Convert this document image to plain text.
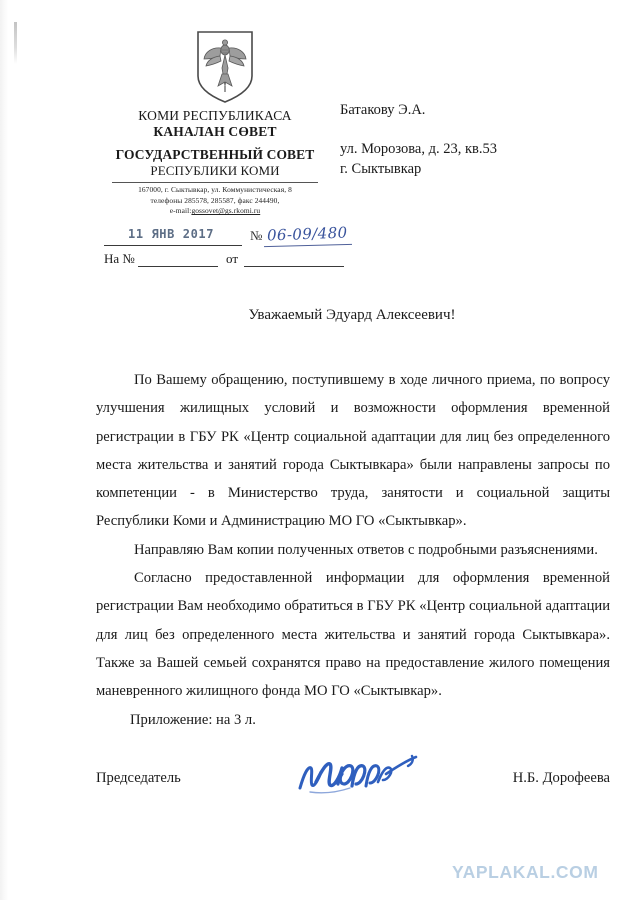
КОМИ РЕСПУБЛИКАСА
КАНАЛАН СӨВЕТ
ГОСУДАРСТВЕННЫЙ СОВЕТ
РЕСПУБЛИКИ КОМИ
167000, г. Сыктывкар, ул. Коммунистическая, 8
телефоны 285578, 285587, факс 244490,
e-mail:gossovet@gs.rkomi.ru
11 ЯНВ 2017	№ 06-09/480
На №	от
Батакову Э.А.
ул. Морозова, д. 23, кв.53
г. Сыктывкар
Уважаемый Эдуард Алексеевич!

По Вашему обращению, поступившему в ходе личного приема, по вопросу улучшения жилищных условий и возможности оформления временной регистрации в ГБУ РК «Центр социальной адаптации для лиц без определенного места жительства и занятий города Сыктывкара» были направлены запросы по компетенции - в Министерство труда, занятости и социальной защиты Республики Коми и Администрацию МО ГО «Сыктывкар».

Направляю Вам копии полученных ответов с подробными разъяснениями.

Согласно предоставленной информации для оформления временной регистрации Вам необходимо обратиться в ГБУ РК «Центр социальной адаптации для лиц без определенного места жительства и занятий города Сыктывкара». Также за Вашей семьей сохранятся право на предоставление жилого помещения маневренного жилищного фонда МО ГО «Сыктывкар».

Приложение: на 3 л.

Председатель	Н.Б. Дорофеева
YAPLAKAL.COM
